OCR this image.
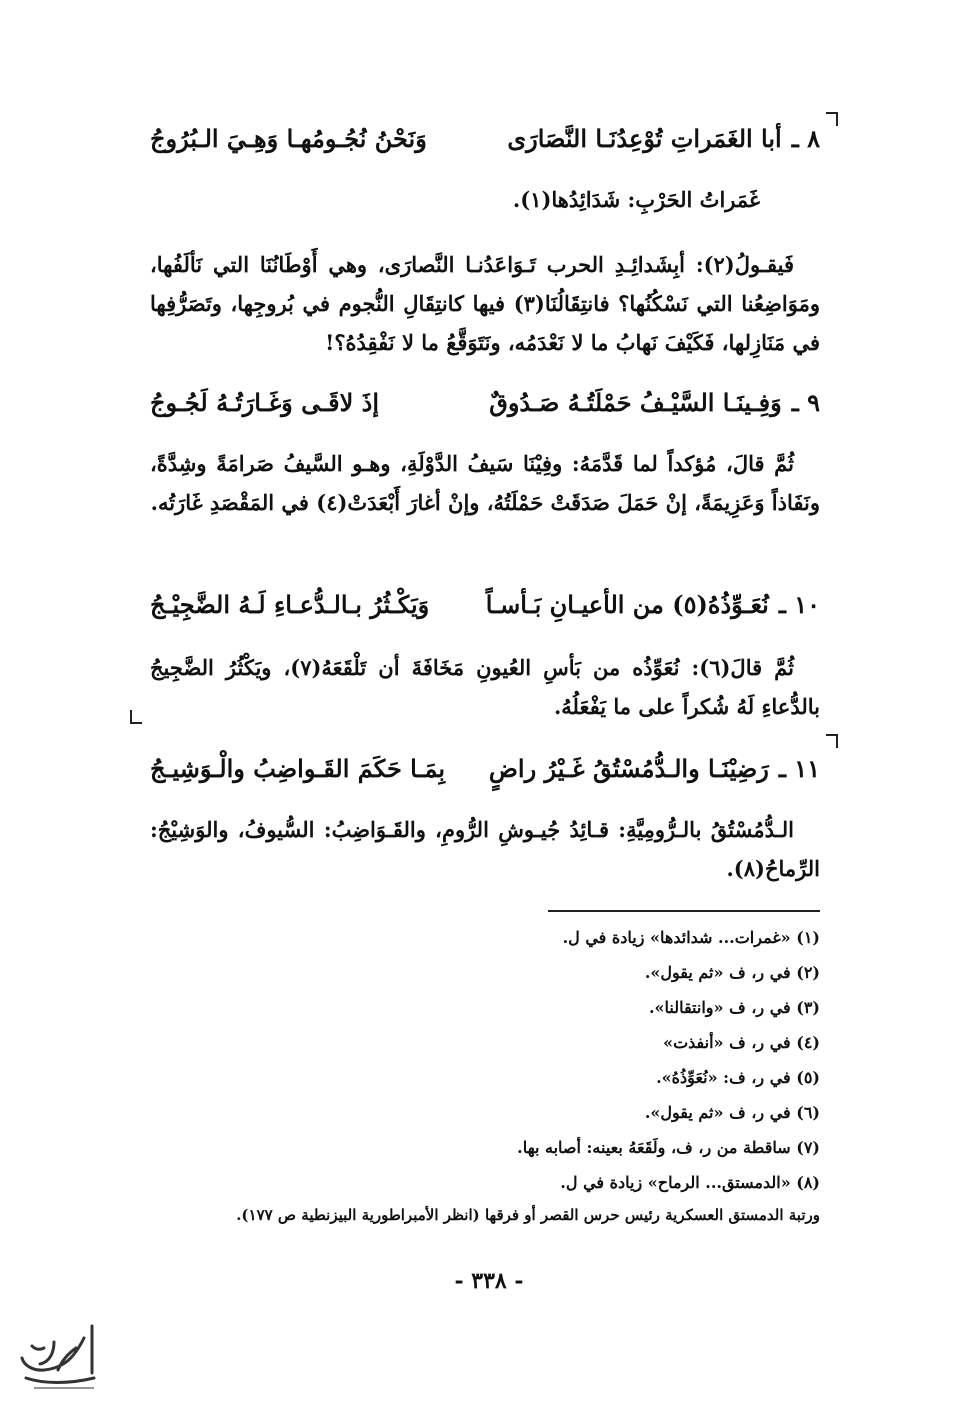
٨ ـ
أبا الغَمَراتِ تُوْعِدُنَـا النَّصَارَى
وَنَحْنُ نُجُـومُهـا وَهِـيَ الـبُرُوجُ

غَمَراتُ الحَرْبِ: شَدَائِدُها(١).

فَيقـولُ(٢): أبِشَدائِـدِ الحرب تَـوَاعَدُنـا النَّصارَى، وهي أَوْطَانُنَا التي نَألَفُها، ومَوَاضِعُنا التي نَسْكُنُها؟ فانتِقَالُنَا(٣) فيها كانتِقَالِ النُّجوم في بُروجِها، وتَصَرُّفِها في مَنَازِلها، فَكَيْفَ نَهابُ ما لا نَعْدَمُه، ونَتَوَقَّعُ ما لا نَفْقِدُهُ؟!

٩ ـ
وَفِـينَـا السَّيْـفُ حَمْلَتُـهُ صَـدُوقٌ
إذَ لاقَـى وَغَـارَتُـهُ لَجُـوجُ

ثُمَّ قالَ، مُؤكداً لما قَدَّمَهُ: وفِيْنَا سَيفُ الدَّوْلَةِ، وهـو السَّيفُ صَرامَةً وشِدَّةً، ونَفَاذاً وَعَزِيمَةً، إنْ حَمَلَ صَدَقَتْ حَمْلَتُهُ، وإنْ أغارَ أَبْعَدَتْ(٤) في المَقْصَدِ غَارَتُه.

١٠ ـ
نُعَـوِّذُهُ(٥) من الأعيـانِ بَـأسـاً
وَيَكْـثُرُ بـالـدُّعـاءِ لَـهُ الضَّجِيْـجُ

ثُمَّ قالَ(٦): نُعَوِّذُه من بَأسِ العُيونِ مَخَافَةَ أن تَلْقَعَهُ(٧)، ويَكْثُرُ الضَّجِيجُ بالدُّعاءِ لَهُ شُكراً على ما يَفْعَلُهُ.

١١ ـ
رَضِيْنَـا والـدُّمُسْتُقُ غَـيْرُ راضٍ
بِمَـا حَكَمَ القَـواضِبُ والْـوَشِيـجُ

الـدُّمُسْتُقُ بالـرُّومِيَّةِ: قـائِدُ جُيـوشِ الرُّومِ، والقَـوَاضِبُ: السُّيوفُ، والوَشِيْجُ: الرِّماحُ(٨).

(١) «غمرات... شدائدها» زيادة في ل.
(٢) في ر، ف «ثم يقول».
(٣) في ر، ف «وانتقالنا».
(٤) في ر، ف «أنفذت»
(٥) في ر، ف: «نُعَوِّذُهُ».
(٦) في ر، ف «ثم يقول».
(٧) ساقطة من ر، ف، ولَقَعَهُ بعينه: أصابه بها.
(٨) «الدمستق... الرماح» زيادة في ل.
ورتبة الدمستق العسكرية رئيس حرس القصر أو فرقها (انظر الأمبراطورية البيزنطية ص ١٧٧).
- ٣٣٨ -
